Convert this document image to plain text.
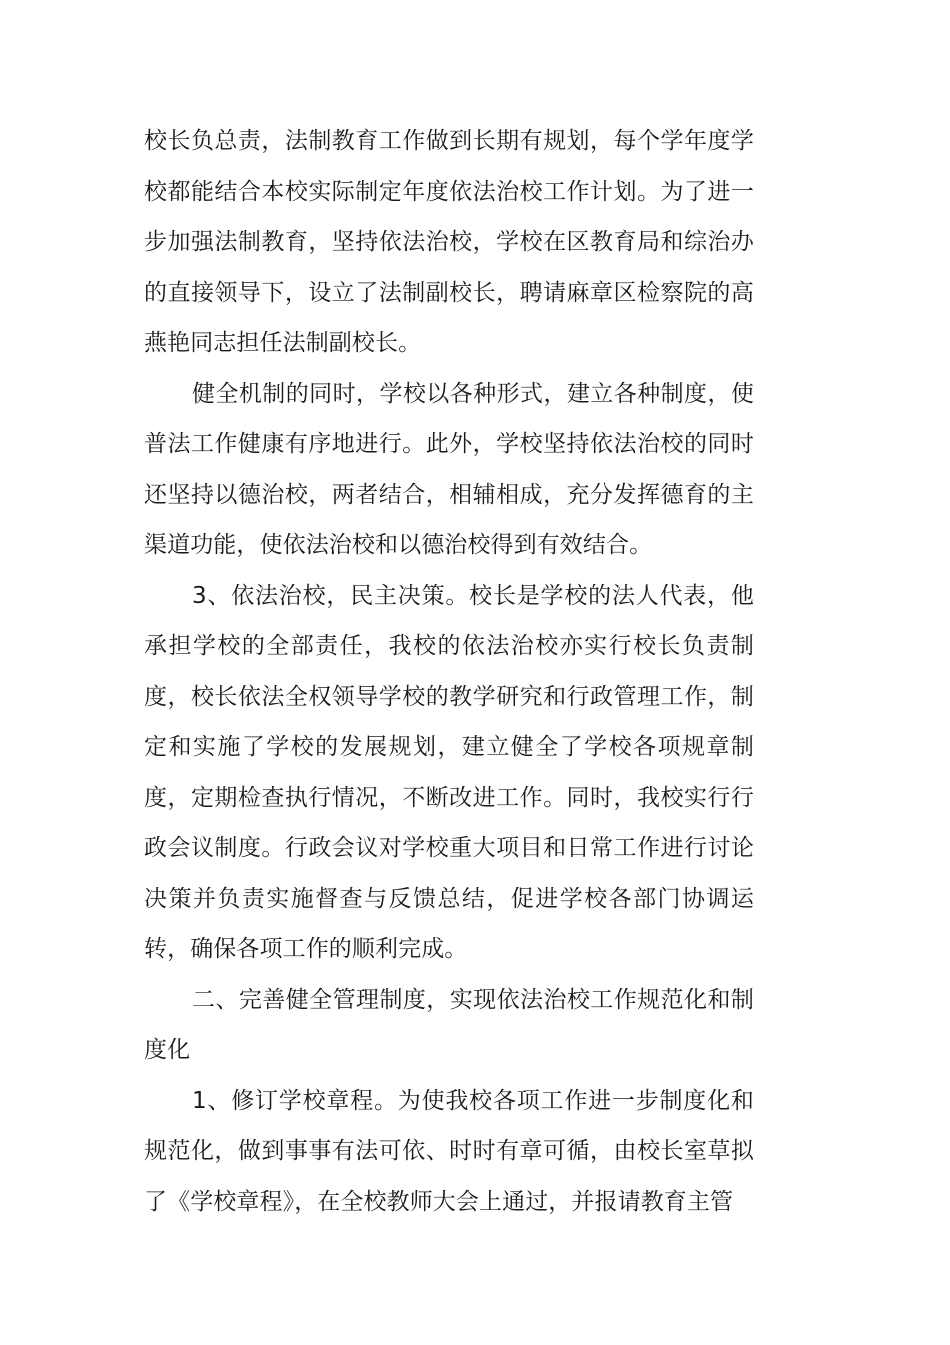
校长负总责，法制教育工作做到长期有规划，每个学年度学校都能结合本校实际制定年度依法治校工作计划。为了进一步加强法制教育，坚持依法治校，学校在区教育局和综治办的直接领导下，设立了法制副校长，聘请麻章区检察院的高燕艳同志担任法制副校长。

健全机制的同时，学校以各种形式，建立各种制度，使普法工作健康有序地进行。此外，学校坚持依法治校的同时还坚持以德治校，两者结合，相辅相成，充分发挥德育的主渠道功能，使依法治校和以德治校得到有效结合。

3、依法治校，民主决策。校长是学校的法人代表，他承担学校的全部责任，我校的依法治校亦实行校长负责制度，校长依法全权领导学校的教学研究和行政管理工作，制定和实施了学校的发展规划，建立健全了学校各项规章制度，定期检查执行情况，不断改进工作。同时，我校实行行政会议制度。行政会议对学校重大项目和日常工作进行讨论决策并负责实施督查与反馈总结，促进学校各部门协调运转，确保各项工作的顺利完成。

二、完善健全管理制度，实现依法治校工作规范化和制度化

1、修订学校章程。为使我校各项工作进一步制度化和规范化，做到事事有法可依、时时有章可循，由校长室草拟了《学校章程》，在全校教师大会上通过，并报请教育主管
